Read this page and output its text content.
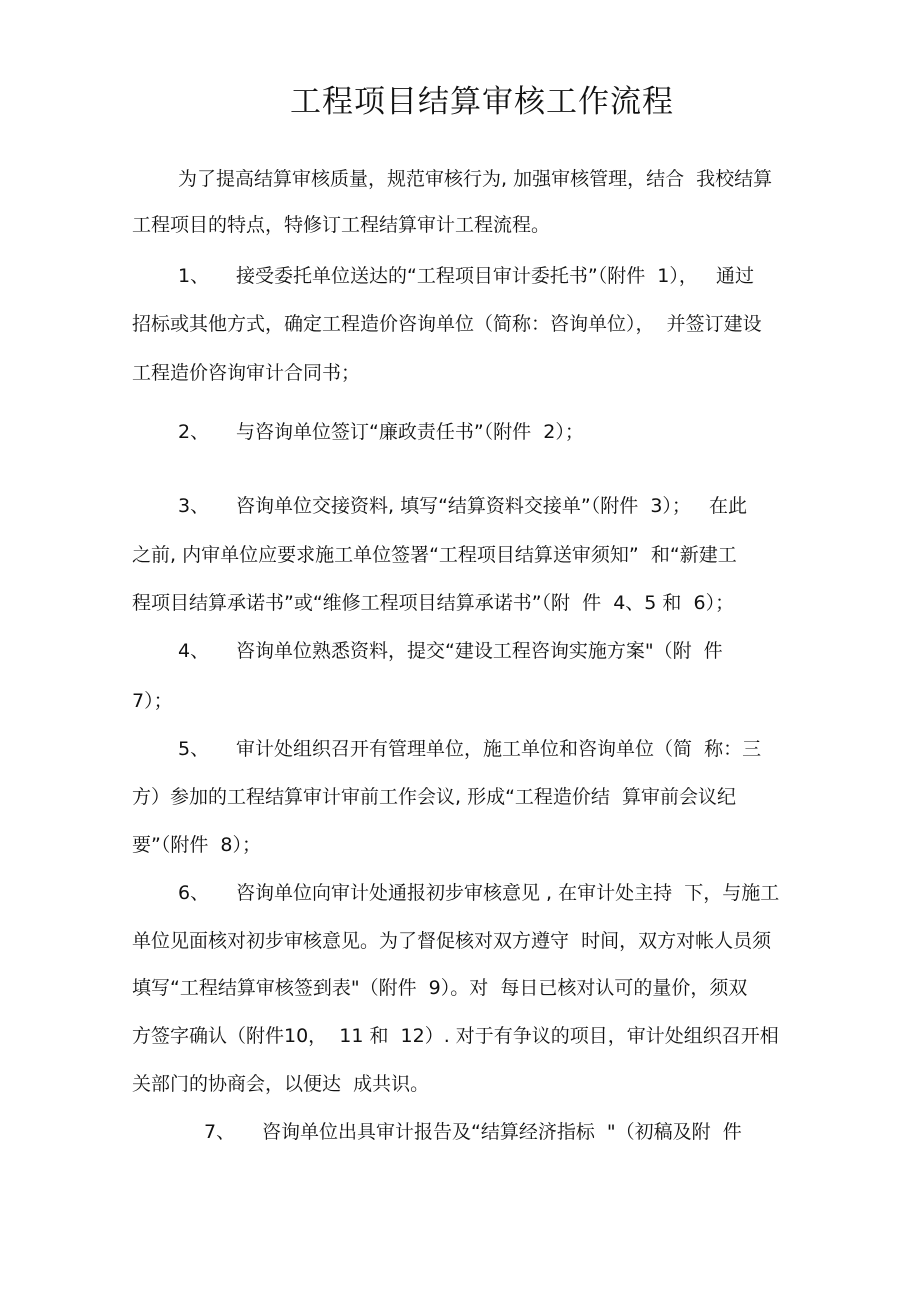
工程项目结算审核工作流程

为了提高结算审核质量，规范审核行为, 加强审核管理，结合  我校结算

工程项目的特点，特修订工程结算审计工程流程。

1、 接受委托单位送达的“工程项目审计委托书”（附件  1），   通过

招标或其他方式，确定工程造价咨询单位（简称：咨询单位），  并签订建设

工程造价咨询审计合同书；

2、 与咨询单位签订“廉政责任书”（附件  2）；

3、 咨询单位交接资料, 填写“结算资料交接单”（附件  3）；   在此

之前, 内审单位应要求施工单位签署“工程项目结算送审须知”  和“新建工

程项目结算承诺书”或“维修工程项目结算承诺书”（附  件  4、5 和  6）；

4、 咨询单位熟悉资料，提交“建设工程咨询实施方案"（附  件

7）；

5、 审计处组织召开有管理单位，施工单位和咨询单位（简  称：三

方）参加的工程结算审计审前工作会议, 形成“工程造价结  算审前会议纪

要”（附件  8）；

6、 咨询单位向审计处通报初步审核意见 , 在审计处主持  下，与施工

单位见面核对初步审核意见。为了督促核对双方遵守  时间，双方对帐人员须

填写“工程结算审核签到表"（附件  9）。对  每日已核对认可的量价，须双

方签字确认（附件10，  11 和  12）. 对于有争议的项目，审计处组织召开相

关部门的协商会，以便达  成共识。

7、 咨询单位出具审计报告及“结算经济指标  "（初稿及附  件
